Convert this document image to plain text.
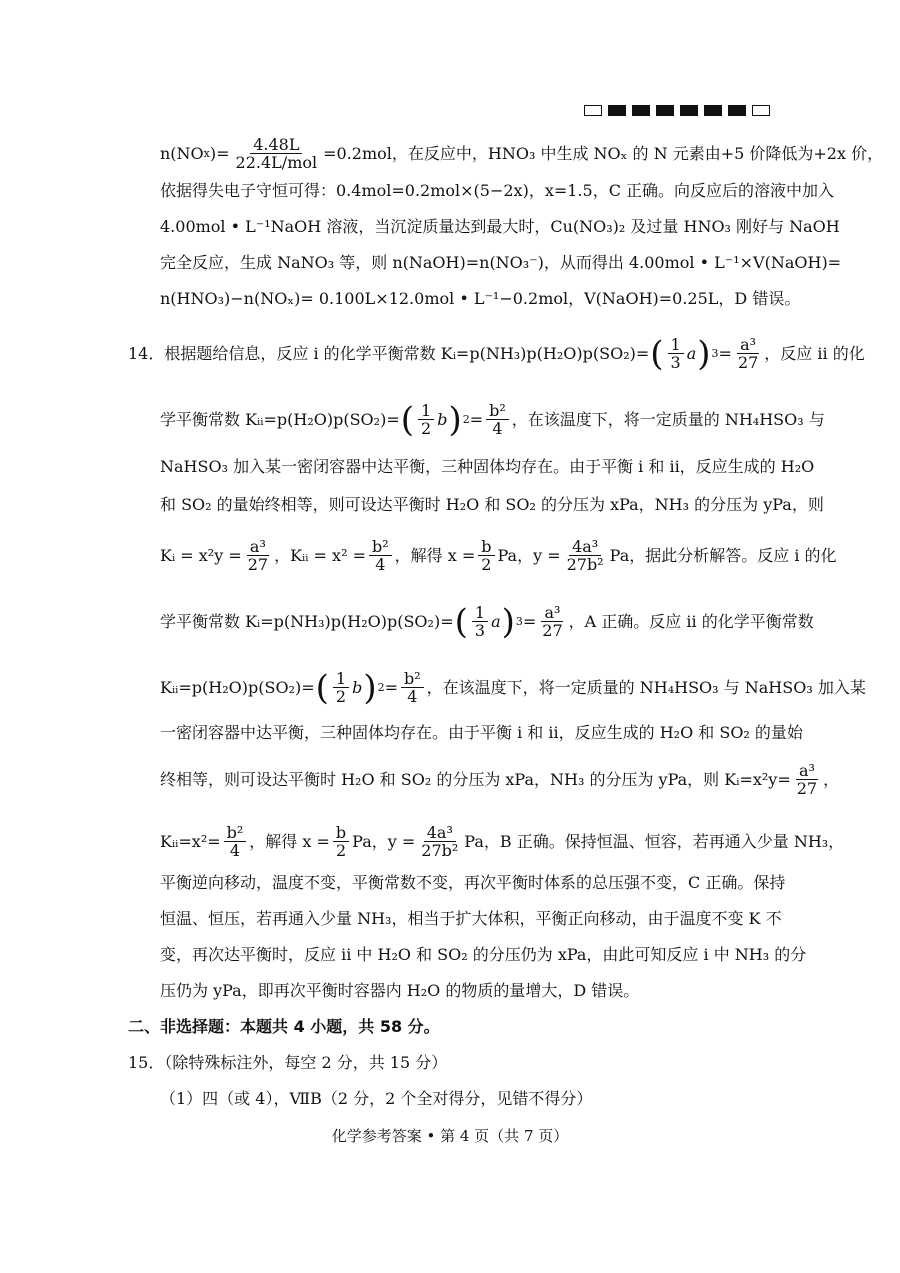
n(NO x )= $\frac{4.48L}{\text{22.4L/mol}} =0.2mol$，在反应中，HNO₃ 中生成 NOₓ 的 N 元素由+5 价降低为+2x 价，
依据得失电子守恒可得：0.4mol=0.2mol×(5−2x)，x=1.5，C 正确。向反应后的溶液中加入
4.00mol • L⁻¹NaOH 溶液，当沉淀质量达到最大时，Cu(NO₃)₂ 及过量 HNO₃ 刚好与 NaOH
完全反应，生成 NaNO₃ 等，则 n(NaOH)=n(NO₃⁻)，从而得出 4.00mol • L⁻¹×V(NaOH)=
n(HNO₃)−n(NOₓ)= 0.100L×12.0mol • L⁻¹−0.2mol，V(NaOH)=0.25L，D 错误。
14． 根据题给信息，反应 i 的化学平衡常数 Kᵢ=p(NH₃)p(H₂O)p(SO₂)= ( $\frac{1}{3}$ a ) $3 = \frac{\text{a³}}{27}$ ，反应 ii 的化
学平衡常数 Kᵢᵢ=p(H₂O)p(SO₂)= ( $\frac{1}{2}$ b ) $2 = \frac{\text{b²}}{4}$ ，在该温度下，将一定质量的 NH₄HSO₃ 与
NaHSO₃ 加入某一密闭容器中达平衡，三种固体均存在。由于平衡 i 和 ii，反应生成的 H₂O
和 SO₂ 的量始终相等，则可设达平衡时 H₂O 和 SO₂ 的分压为 xPa，NH₃ 的分压为 yPa，则
Kᵢ = $x^2y = \frac{\text{a³}}{27}$ ，Kᵢᵢ = $x^2 = \frac{\text{b²}}{4}$ ，解得 $x = \frac{b}{2}$ Pa，$y = \frac{\text{4a³}}{\text{27b²}}$ Pa，据此分析解答。反应 i 的化
学平衡常数 Kᵢ=p(NH₃)p(H₂O)p(SO₂)= ( $\frac{1}{3}$ a ) $3 = \frac{\text{a³}}{27}$ ，A 正确。反应 ii 的化学平衡常数
Kᵢᵢ=p(H₂O)p(SO₂)= ( $\frac{1}{2}$ b ) $2 = \frac{\text{b²}}{4}$ ，在该温度下，将一定质量的 NH₄HSO₃ 与 NaHSO₃ 加入某
一密闭容器中达平衡，三种固体均存在。由于平衡 i 和 ii，反应生成的 H₂O 和 SO₂ 的量始
终相等，则可设达平衡时 H₂O 和 SO₂ 的分压为 xPa，NH₃ 的分压为 yPa，则 Kᵢ=x²y= $\frac{\text{a³}}{27}$ ，
Kᵢᵢ=x²= $\frac{\text{b²}}{4}$ ，解得 $x = \frac{b}{2}$ Pa，$y = \frac{\text{4a³}}{\text{27b²}}$ Pa，B 正确。保持恒温、恒容，若再通入少量 NH₃，
平衡逆向移动，温度不变，平衡常数不变，再次平衡时体系的总压强不变，C 正确。保持
恒温、恒压，若再通入少量 NH₃，相当于扩大体积，平衡正向移动，由于温度不变 K 不
变，再次达平衡时，反应 ii 中 H₂O 和 SO₂ 的分压仍为 xPa，由此可知反应 i 中 NH₃ 的分
压仍为 yPa，即再次平衡时容器内 H₂O 的物质的量增大，D 错误。
二、非选择题：本题共 4 小题，共 58 分。
15．（除特殊标注外，每空 2 分，共 15 分）
（1）四（或 4），ⅦB（2 分，2 个全对得分，见错不得分）
化学参考答案 • 第 4 页（共 7 页）
